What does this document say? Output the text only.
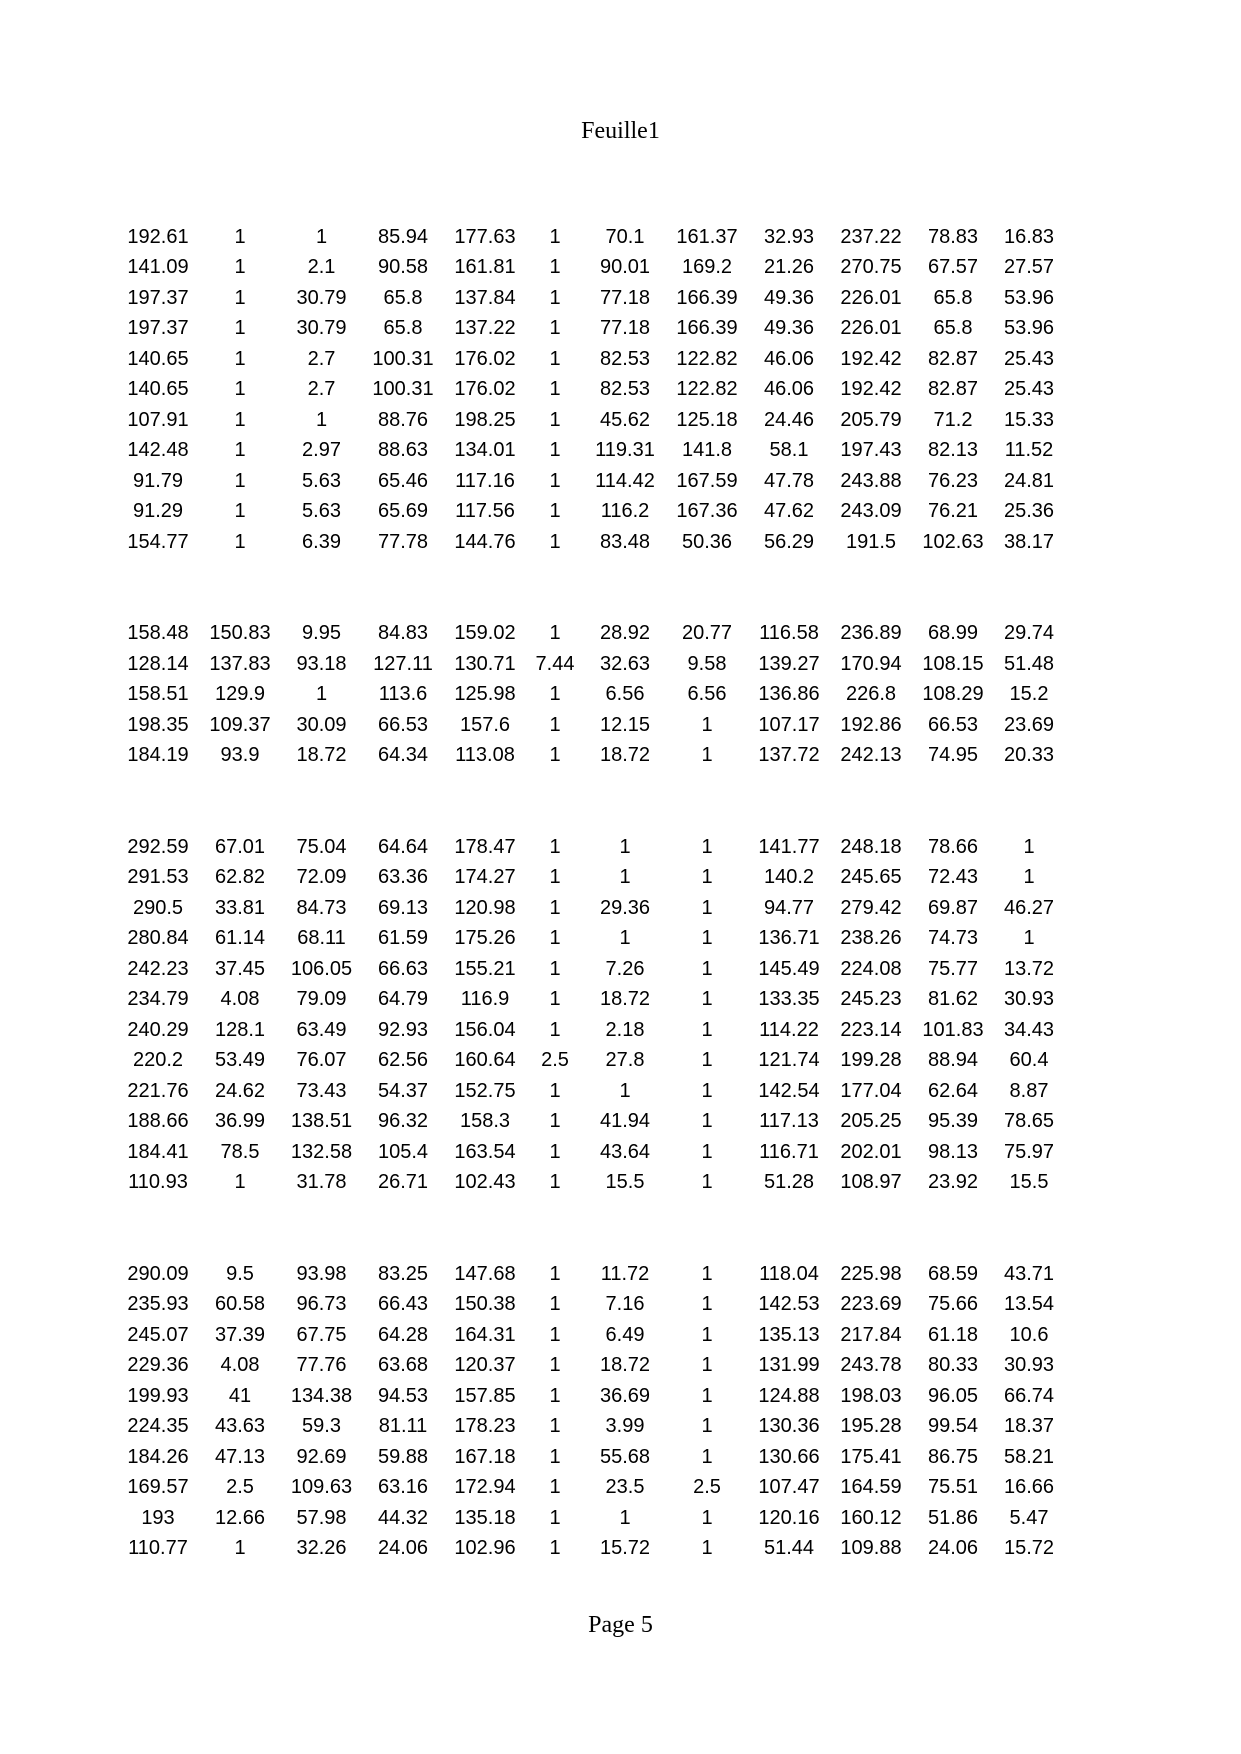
Feuille1
192.61	1	1	85.94	177.63	1	70.1	161.37	32.93	237.22	78.83	16.83
141.09	1	2.1	90.58	161.81	1	90.01	169.2	21.26	270.75	67.57	27.57
197.37	1	30.79	65.8	137.84	1	77.18	166.39	49.36	226.01	65.8	53.96
197.37	1	30.79	65.8	137.22	1	77.18	166.39	49.36	226.01	65.8	53.96
140.65	1	2.7	100.31	176.02	1	82.53	122.82	46.06	192.42	82.87	25.43
140.65	1	2.7	100.31	176.02	1	82.53	122.82	46.06	192.42	82.87	25.43
107.91	1	1	88.76	198.25	1	45.62	125.18	24.46	205.79	71.2	15.33
142.48	1	2.97	88.63	134.01	1	119.31	141.8	58.1	197.43	82.13	11.52
91.79	1	5.63	65.46	117.16	1	114.42	167.59	47.78	243.88	76.23	24.81
91.29	1	5.63	65.69	117.56	1	116.2	167.36	47.62	243.09	76.21	25.36
154.77	1	6.39	77.78	144.76	1	83.48	50.36	56.29	191.5	102.63	38.17
158.48	150.83	9.95	84.83	159.02	1	28.92	20.77	116.58	236.89	68.99	29.74
128.14	137.83	93.18	127.11	130.71 7.44	32.63	9.58	139.27	170.94	108.15	51.48
158.51	129.9	1	113.6	125.98	1	6.56	6.56	136.86	226.8	108.29	15.2
198.35	109.37	30.09	66.53	157.6	1	12.15	1	107.17	192.86	66.53	23.69
184.19	93.9	18.72	64.34	113.08	1	18.72	1	137.72	242.13	74.95	20.33
292.59	67.01	75.04	64.64	178.47	1	1	1	141.77	248.18	78.66	1
291.53	62.82	72.09	63.36	174.27	1	1	1	140.2	245.65	72.43	1
290.5	33.81	84.73	69.13	120.98	1	29.36	1	94.77	279.42	69.87	46.27
280.84	61.14	68.11	61.59	175.26	1	1	1	136.71	238.26	74.73	1
242.23	37.45	106.05	66.63	155.21	1	7.26	1	145.49	224.08	75.77	13.72
234.79	4.08	79.09	64.79	116.9	1	18.72	1	133.35	245.23	81.62	30.93
240.29	128.1	63.49	92.93	156.04	1	2.18	1	114.22	223.14	101.83	34.43
220.2	53.49	76.07	62.56	160.64	2.5	27.8	1	121.74	199.28	88.94	60.4
221.76	24.62	73.43	54.37	152.75	1	1	1	142.54	177.04	62.64	8.87
188.66	36.99	138.51	96.32	158.3	1	41.94	1	117.13	205.25	95.39	78.65
184.41	78.5	132.58	105.4	163.54	1	43.64	1	116.71	202.01	98.13	75.97
110.93	1	31.78	26.71	102.43	1	15.5	1	51.28	108.97	23.92	15.5
290.09	9.5	93.98	83.25	147.68	1	11.72	1	118.04	225.98	68.59	43.71
235.93	60.58	96.73	66.43	150.38	1	7.16	1	142.53	223.69	75.66	13.54
245.07	37.39	67.75	64.28	164.31	1	6.49	1	135.13	217.84	61.18	10.6
229.36	4.08	77.76	63.68	120.37	1	18.72	1	131.99	243.78	80.33	30.93
199.93	41	134.38	94.53	157.85	1	36.69	1	124.88	198.03	96.05	66.74
224.35	43.63	59.3	81.11	178.23	1	3.99	1	130.36	195.28	99.54	18.37
184.26	47.13	92.69	59.88	167.18	1	55.68	1	130.66	175.41	86.75	58.21
169.57	2.5	109.63	63.16	172.94	1	23.5	2.5	107.47	164.59	75.51	16.66
193	12.66	57.98	44.32	135.18	1	1	1	120.16	160.12	51.86	5.47
110.77	1	32.26	24.06	102.96	1	15.72	1	51.44	109.88	24.06	15.72
Page 5
